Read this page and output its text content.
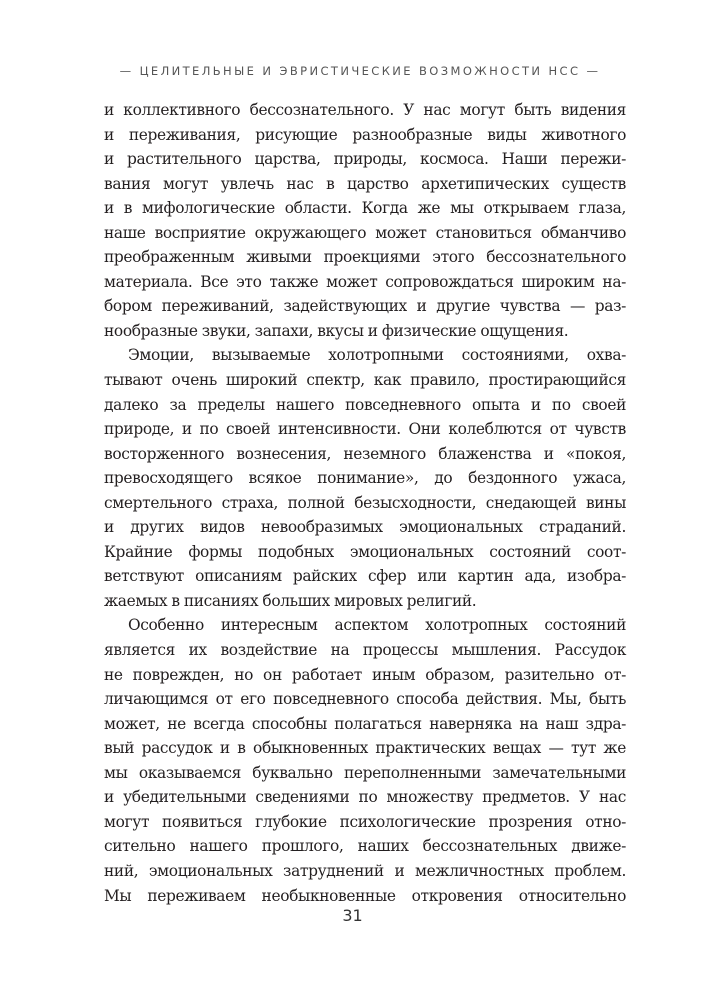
— ЦЕЛИТЕЛЬНЫЕ И ЭВРИСТИЧЕСКИЕ ВОЗМОЖНОСТИ НСС —
и коллективного бессознательного. У нас могут быть видения
и переживания, рисующие разнообразные виды животного
и растительного царства, природы, космоса. Наши пережи-
вания могут увлечь нас в царство архетипических существ
и в мифологические области. Когда же мы открываем глаза,
наше восприятие окружающего может становиться обманчиво
преображенным живыми проекциями этого бессознательного
материала. Все это также может сопровождаться широким на-
бором переживаний, задействующих и другие чувства — раз-
нообразные звуки, запахи, вкусы и физические ощущения.
Эмоции, вызываемые холотропными состояниями, охва-
тывают очень широкий спектр, как правило, простирающийся
далеко за пределы нашего повседневного опыта и по своей
природе, и по своей интенсивности. Они колеблются от чувств
восторженного вознесения, неземного блаженства и «покоя,
превосходящего всякое понимание», до бездонного ужаса,
смертельного страха, полной безысходности, снедающей вины
и других видов невообразимых эмоциональных страданий.
Крайние формы подобных эмоциональных состояний соот-
ветствуют описаниям райских сфер или картин ада, изобра-
жаемых в писаниях больших мировых религий.
Особенно интересным аспектом холотропных состояний
является их воздействие на процессы мышления. Рассудок
не поврежден, но он работает иным образом, разительно от-
личающимся от его повседневного способа действия. Мы, быть
может, не всегда способны полагаться наверняка на наш здра-
вый рассудок и в обыкновенных практических вещах — тут же
мы оказываемся буквально переполненными замечательными
и убедительными сведениями по множеству предметов. У нас
могут появиться глубокие психологические прозрения отно-
сительно нашего прошлого, наших бессознательных движе-
ний, эмоциональных затруднений и межличностных проблем.
Мы переживаем необыкновенные откровения относительно
31
